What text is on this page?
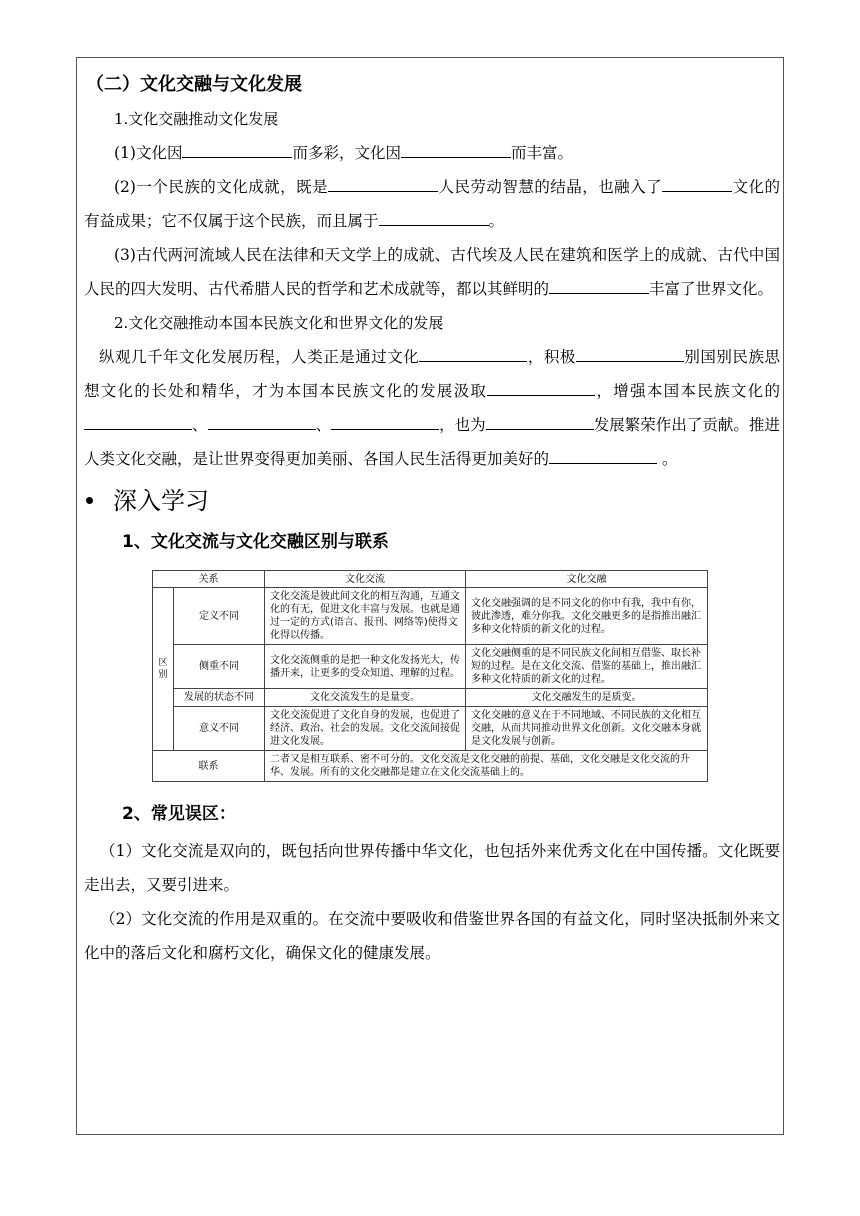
（二）文化交融与文化发展
1.文化交融推动文化发展

(1)文化因	而多彩，文化因	而丰富。

(2)一个民族的文化成就，既是	人民劳动智慧的结晶，也融入了	文化的有益成果；它不仅属于这个民族，而且属于	。

(3)古代两河流域人民在法律和天文学上的成就、古代埃及人民在建筑和医学上的成就、古代中国人民的四大发明、古代希腊人民的哲学和艺术成就等，都以其鲜明的	丰富了世界文化。

2.文化交融推动本国本民族文化和世界文化的发展

纵观几千年文化发展历程，人类正是通过文化	，积极	别国别民族思想文化的长处和精华，才为本国本民族文化的发展汲取	，增强本国本民族文化的、	、	，也为	发展繁荣作出了贡献。推进人类文化交融，是让世界变得更加美丽、各国人民生活得更加美好的	。

深入学习
1、文化交流与文化交融区别与联系
关系		文化交流	文化交融
区别	定义不同	文化交流是彼此间文化的相互沟通，互通文化的有无，促进文化丰富与发展。也就是通过一定的方式(语言、报刊、网络等)使得文化得以传播。	文化交融强调的是不同文化的你中有我，我中有你，彼此渗透，难分你我。文化交融更多的是指推出融汇多种文化特质的新文化的过程。
	侧重不同	文化交流侧重的是把一种文化发扬光大，传播开来，让更多的受众知道、理解的过程。	文化交融侧重的是不同民族文化间相互借鉴、取长补短的过程。是在文化交流、借鉴的基础上，推出融汇多种文化特质的新文化的过程。
	发展的状态不同	文化交流发生的是量变。	文化交融发生的是质变。
	意义不同	文化交流促进了文化自身的发展，也促进了经济、政治、社会的发展。文化交流间接促进文化发展。	文化交融的意义在于不同地域、不同民族的文化相互交融，从而共同推动世界文化创新。文化交融本身就是文化发展与创新。
联系		二者又是相互联系、密不可分的。文化交流是文化交融的前提、基础，文化交融是文化交流的升华、发展。所有的文化交融都是建立在文化交流基础上的。	
2、常见误区：

（1）文化交流是双向的，既包括向世界传播中华文化，也包括外来优秀文化在中国传播。文化既要走出去，又要引进来。

（2）文化交流的作用是双重的。在交流中要吸收和借鉴世界各国的有益文化，同时坚决抵制外来文化中的落后文化和腐朽文化，确保文化的健康发展。
